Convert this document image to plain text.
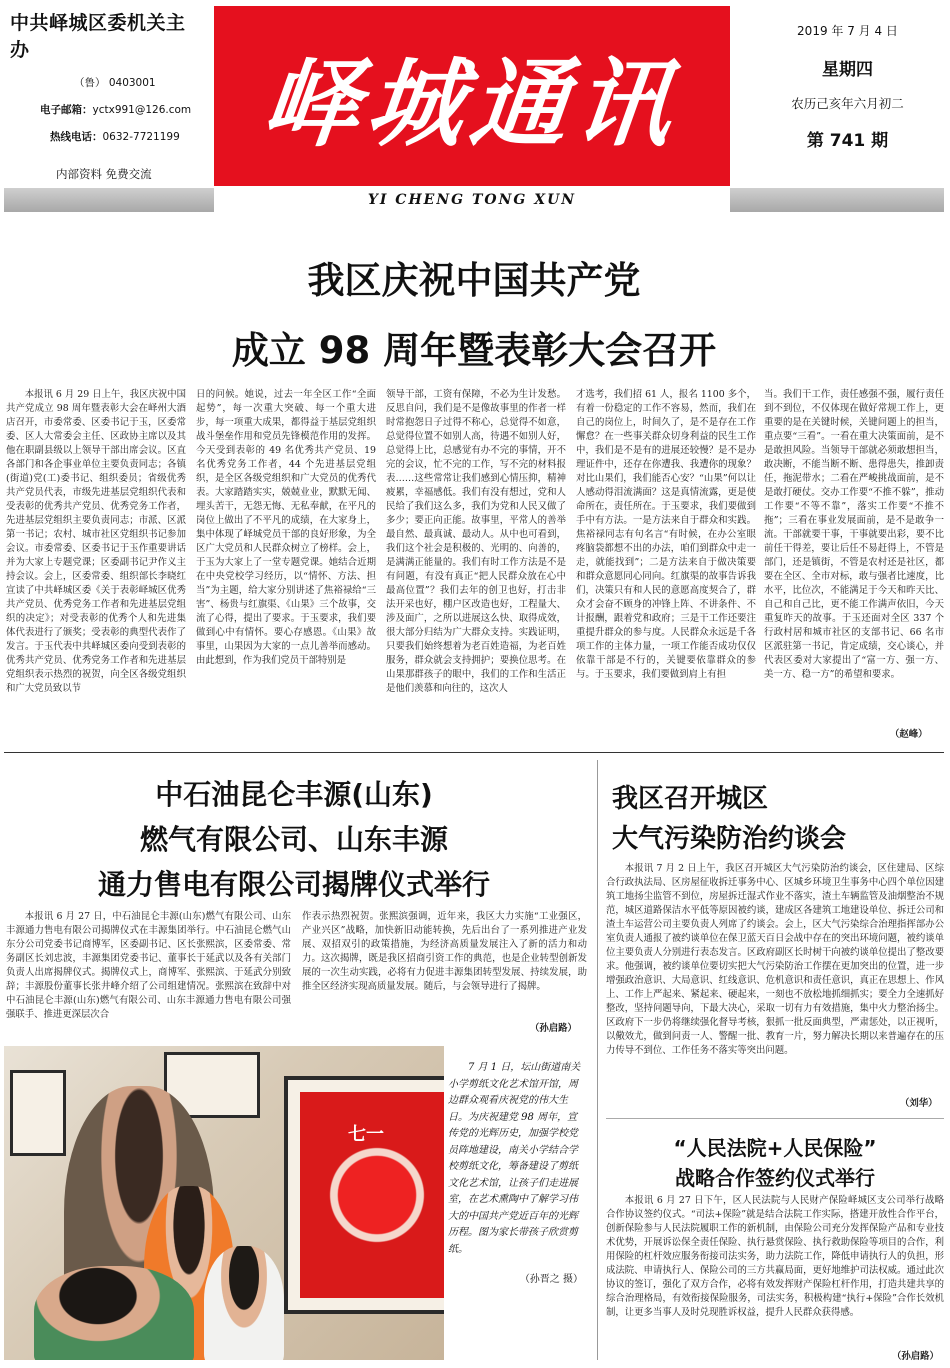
中共峄城区委机关主办
（鲁） 0403001
电子邮箱：yctx991@126.com
热线电话：0632-7721199
内部资料 免费交流
峄城通讯
2019 年 7 月 4 日
星期四
农历己亥年六月初二
第 741 期
YI CHENG TONG XUN
我区庆祝中国共产党
成立 98 周年暨表彰大会召开

本报讯 6 月 29 日上午，我区庆祝中国共产党成立 98 周年暨表彰大会在峄州大酒店召开，市委常委、区委书记于玉，区委常委、区人大常委会主任、区政协主席以及其他在职副县级以上领导干部出席会议。区直各部门和各企事业单位主要负责同志；各镇(街道)党(工)委书记、组织委员；省级优秀共产党员代表，市级先进基层党组织代表和受表彰的优秀共产党员、优秀党务工作者，先进基层党组织主要负责同志；市派、区派第一书记；农村、城市社区党组织书记参加会议。市委常委、区委书记于玉作重要讲话并为大家上专题党课；区委副书记尹作义主持会议。会上，区委常委、组织部长李晓红宣读了中共峄城区委《关于表彰峄城区优秀共产党员、优秀党务工作者和先进基层党组织的决定》；对受表彰的优秀个人和先进集体代表进行了颁奖；受表彰的典型代表作了发言。于玉代表中共峄城区委向受到表彰的优秀共产党员、优秀党务工作者和先进基层党组织表示热烈的祝贺，向全区各级党组织和广大党员致以节

日的问候。她说，过去一年全区工作“全面起势”，每一次重大突破、每一个重大进步，每一项重大成果，都得益于基层党组织战斗堡垒作用和党员先锋模范作用的发挥。今天受到表彰的 49 名优秀共产党员、19 名优秀党务工作者，44 个先进基层党组织，是全区各级党组织和广大党员的优秀代表。大家踏踏实实，兢兢业业，默默无闻、埋头苦干，无怨无悔、无私奉献，在平凡的岗位上做出了不平凡的成绩，在大家身上，集中体现了峄城党员干部的良好形象，为全区广大党员和人民群众树立了榜样。会上，于玉为大家上了一堂专题党课。她结合近期在中央党校学习经历，以“情怀、方法、担当”为主题，给大家分别讲述了焦裕禄给“三害”、杨贵与红旗渠、《山果》三个故事，交流了心得，提出了要求。于玉要求，我们要做到心中有情怀。要心存感恩。《山果》故事里，山果因为大家的一点儿善举而感动。由此想到，作为我们党员干部特别是

领导干部，工资有保障，不必为生计发愁。反思自问，我们是不是像故事里的作者一样时常抱怨日子过得不称心，总觉得不如意，总觉得位置不如别人高，待遇不如别人好，总觉得上比，总感觉有办不完的事情，开不完的会议，忙不完的工作，写不完的材料报表……这些常常让我们感到心情压抑，精神疲累，幸福感低。我们有没有想过，党和人民给了我们这么多，我们为党和人民又做了多少；要正向正能。故事里，平常人的善举最自然、最真诚、最动人。从中也可看到，我们这个社会是积极的、光明的、向善的，是满满正能量的。我们有时工作方法是不是有问题，有没有真正“把人民群众放在心中最高位置”？我们去年的创卫也好，打击非法开采也好，棚户区改造也好，工程量大、涉及面广，之所以进展这么快、取得成效，很大部分归结为广大群众支持。实践证明，只要我们始终想着为老百姓造福，为老百姓服务，群众就会支持拥护；要换位思考。在山果那群孩子的眼中，我们的工作和生活正是他们羡慕和向往的，这次人

才选考，我们招 61 人，报名 1100 多个，有着一份稳定的工作不容易，然而，我们在自己的岗位上，时间久了，是不是存在工作懈怠？在一些事关群众切身利益的民生工作中，我们是不是有的进展还较慢？是不是办理证件中，还存在你遭我、我遭你的现象？对比山果们，我们能否心安？“山果”何以让人感动得泪流满面？这是真情流露，更是使命所在，责任所在。于玉要求，我们要做到手中有方法。一是方法来自于群众和实践。焦裕禄同志有句名言“有时候，在办公室眼疼脑袋都想不出的办法，咱们到群众中走一走，就能找到”；二是方法来自于做决策要和群众意愿同心同向。红旗渠的故事告诉我们，决策只有和人民的意愿高度契合了，群众才会奋不顾身的冲锋上阵、不讲条件、不计报酬，跟着党和政府；三是干工作还要注重提升群众的参与度。人民群众永远是千各项工作的主体力量，一项工作能否成功仅仅依靠干部是不行的，关键要依靠群众的参与。于玉要求，我们要做到肩上有担

当。我们干工作，责任感强不强，履行责任到不到位，不仅体现在做好常规工作上，更重要的是在关键时候，关键问题上的担当，重点要“三看”。一看在重大决策面前，是不是敢担风险。当领导干部就必须敢想担当，敢决断，不能当断不断、患得患失，推卸责任，拖泥带水；二看在严峻挑战面前，是不是敢打硬仗。交办工作要“不推不躲”，推动工作要“不等不靠”，落实工作要“不推不拖”；三看在事业发展面前，是不是敢争一流。干部就要干事，干事就要出彩，要不比前任干得差，要让后任不易赶得上，不管是部门，还是镇街，不管是农村还是社区，都要在全区、全市对标，敢与强者比速度，比水平，比位次，不能满足于今天和昨天比、自己和自己比，更不能工作满声依旧，今天重复昨天的故事。于玉还面对全区 337 个行政村居和城市社区的支部书记、66 名市区派驻第一书记，肯定成绩，交心谈心，并代表区委对大家提出了“富一方、强一方、美一方、稳一方”的希望和要求。

（赵峰）
中石油昆仑丰源(山东)
燃气有限公司、山东丰源
通力售电有限公司揭牌仪式举行

本报讯 6 月 27 日，中石油昆仑丰源(山东)燃气有限公司、山东丰源通力售电有限公司揭牌仪式在丰源集团举行。中石油昆仑燃气山东分公司党委书记商博军，区委副书记、区长张熙滨，区委常委、常务副区长刘忠波，丰源集团党委书记、董事长于延武以及各有关部门负责人出席揭牌仪式。揭牌仪式上，商博军、张熙滨、于延武分别致辞；丰源股份董事长张井峰介绍了公司组建情况。张熙滨在致辞中对中石油昆仑丰源(山东)燃气有限公司、山东丰源通力售电有限公司强强联手、推进更深层次合

作表示热烈祝贺。张熙滨强调，近年来，我区大力实施“工业强区，产业兴区”战略，加快新旧动能转换，先后出台了一系列推进产业发展、双招双引的政策措施，为经济高质量发展注入了新的活力和动力。这次揭牌，既是我区招商引资工作的典范，也是企业转型创新发展的一次生动实践，必将有力促进丰源集团转型发展、持续发展，助推全区经济实现高质量发展。随后，与会领导进行了揭牌。

（孙启路）
七一
7 月 1 日，坛山街道南关小学剪纸文化艺术馆开馆，周边群众观看庆祝党的伟大生日。为庆祝建党 98 周年，宣传党的光辉历史，加强学校党员阵地建设，南关小学结合学校剪纸文化，筹备建设了剪纸文化艺术馆，让孩子们走进展室，在艺术熏陶中了解学习伟大的中国共产党近百年的光辉历程。图为家长带孩子欣赏剪纸。
（孙晋之 摄）
我区召开城区
大气污染防治约谈会

本报讯 7 月 2 日上午，我区召开城区大气污染防治约谈会，区住建局、区综合行政执法局、区房屋征收拆迁事务中心、区城乡环境卫生事务中心四个单位因建筑工地扬尘监管不到位，房屋拆迁湿式作业不落实，渣土车辆监管及油烟整治不规范，城区道路保洁水平低等原因被约谈，建成区各建筑工地建设单位、拆迁公司和渣土车运营公司主要负责人列席了约谈会。会上，区大气污染综合治理指挥部办公室负责人通报了被约谈单位在保卫蓝天百日会战中存在的突出环境问题，被约谈单位主要负责人分别进行表态发言。区政府副区长时树干向被约谈单位提出了整改要求。他强调，被约谈单位要切实把大气污染防治工作摆在更加突出的位置，进一步增强政治意识、大局意识、红线意识、危机意识和责任意识，真正在思想上、作风上、工作上严起来、紧起来、硬起来，一刻也不放松地抓细抓实；要全力全速抓好整改，坚持问题导向，下最大决心，采取一切有力有效措施，集中火力整治扬尘。区政府下一步仍将继续强化督导考核，狠抓一批反面典型，严肃惩处，以正视听，以儆效尤，做到问责一人、警醒一批、教育一片，努力解决长期以来普遍存在的压力传导不到位、工作任务不落实等突出问题。

（刘华）
“人民法院+人民保险”
战略合作签约仪式举行

本报讯 6 月 27 日下午，区人民法院与人民财产保险峄城区支公司举行战略合作协议签约仪式。“司法+保险”就是结合法院工作实际，搭建开放性合作平台，创新保险参与人民法院履职工作的新机制，由保险公司充分发挥保险产品和专业技术优势，开展诉讼保全责任保险、执行悬赏保险、执行救助保险等项目的合作，利用保险的杠杆效应服务衔接司法实务，助力法院工作，降低申请执行人的负担，形成法院、申请执行人、保险公司的三方共赢局面，更好地维护司法权威。通过此次协议的签订，强化了双方合作，必将有效发挥财产保险杠杆作用，打造共建共享的综合治理格局，有效衔接保险服务，司法实务，积极构建“执行+保险”合作长效机制，让更多当事人及时兑现胜诉权益，提升人民群众获得感。

（孙启路）
